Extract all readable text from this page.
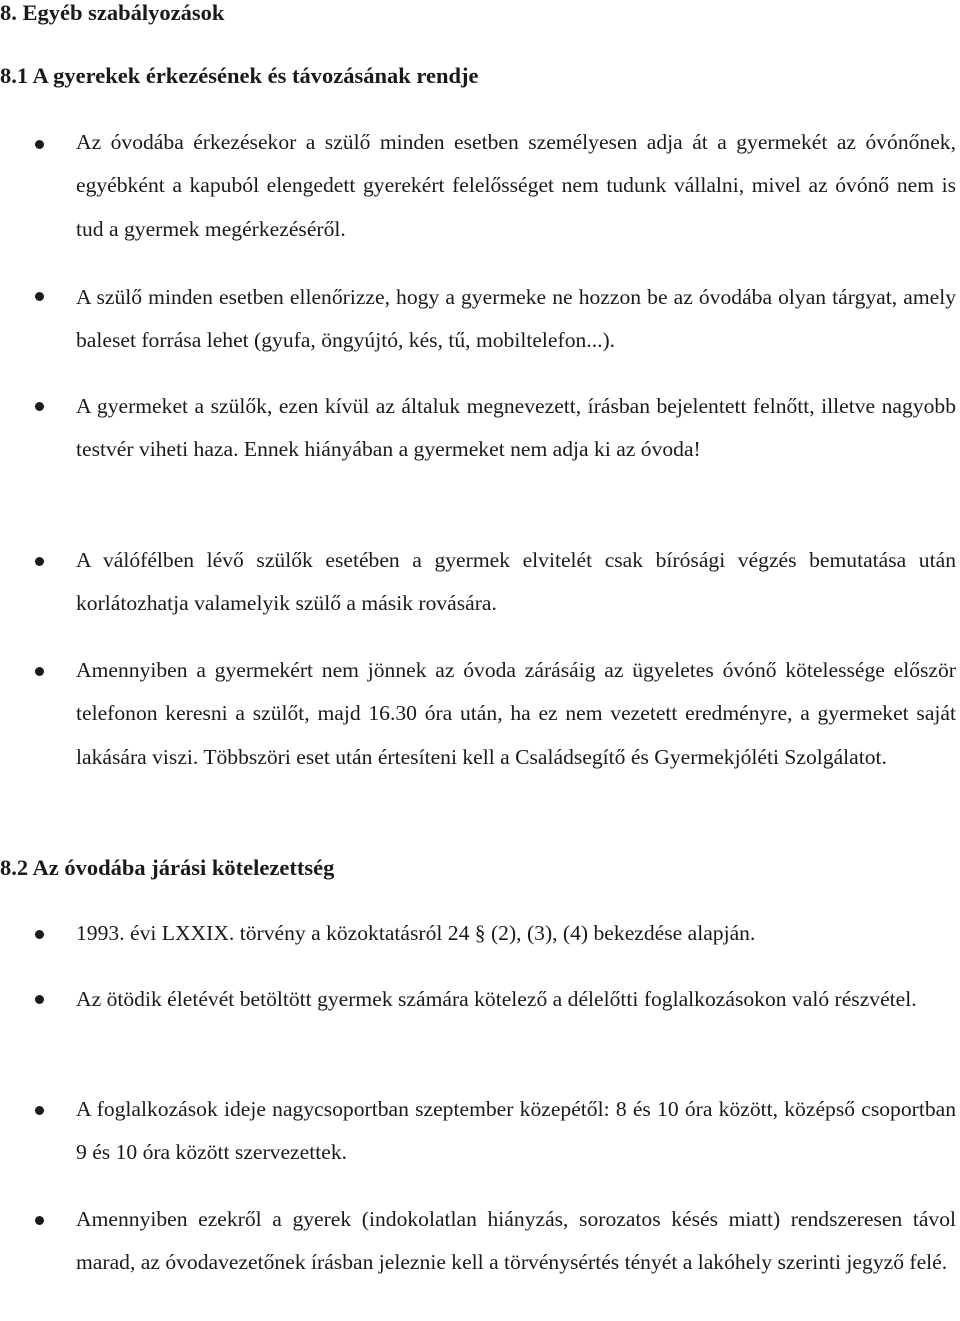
8. Egyéb szabályozások
8.1 A gyerekek érkezésének és távozásának rendje

Az óvodába érkezésekor a szülő minden esetben személyesen adja át a gyermekét az óvónőnek, egyébként a kapuból elengedett gyerekért felelősséget nem tudunk vállalni, mivel az óvónő nem is tud a gyermek megérkezéséről.

A szülő minden esetben ellenőrizze, hogy a gyermeke ne hozzon be az óvodába olyan tárgyat, amely baleset forrása lehet (gyufa, öngyújtó, kés, tű, mobiltelefon...).

A gyermeket a szülők, ezen kívül az általuk megnevezett, írásban bejelentett felnőtt, illetve nagyobb testvér viheti haza. Ennek hiányában a gyermeket nem adja ki az óvoda!

A válófélben lévő szülők esetében a gyermek elvitelét csak bírósági végzés bemutatása után korlátozhatja valamelyik szülő a másik rovására.

Amennyiben a gyermekért nem jönnek az óvoda zárásáig az ügyeletes óvónő kötelessége először telefonon keresni a szülőt, majd 16.30 óra után, ha ez nem vezetett eredményre, a gyermeket saját lakására viszi. Többszöri eset után értesíteni kell a Családsegítő és Gyermekjóléti Szolgálatot.

8.2 Az óvodába járási kötelezettség

1993. évi LXXIX. törvény a közoktatásról 24 § (2), (3), (4) bekezdése alapján.

Az ötödik életévét betöltött gyermek számára kötelező a délelőtti foglalkozásokon való részvétel.

A foglalkozások ideje nagycsoportban szeptember közepétől: 8 és 10 óra között, középső csoportban 9 és 10 óra között szervezettek.

Amennyiben ezekről a gyerek (indokolatlan hiányzás, sorozatos késés miatt) rendszeresen távol marad, az óvodavezetőnek írásban jeleznie kell a törvénysértés tényét a lakóhely szerinti jegyző felé.
